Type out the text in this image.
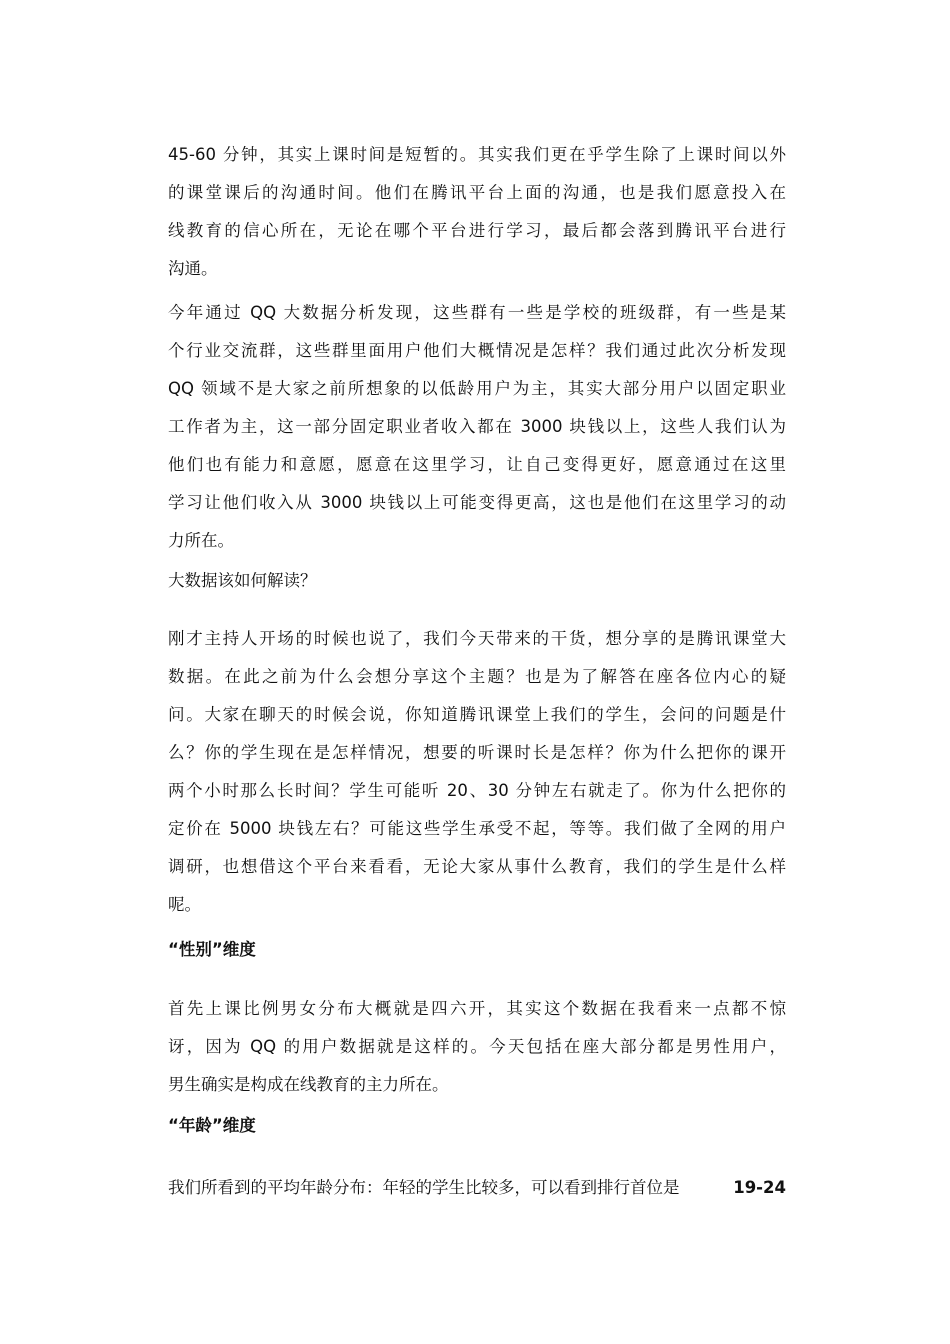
45-60 分钟，其实上课时间是短暂的。其实我们更在乎学生除了上课时间以外
的课堂课后的沟通时间。他们在腾讯平台上面的沟通，也是我们愿意投入在
线教育的信心所在，无论在哪个平台进行学习，最后都会落到腾讯平台进行
沟通。
今年通过 QQ 大数据分析发现，这些群有一些是学校的班级群，有一些是某
个行业交流群，这些群里面用户他们大概情况是怎样？我们通过此次分析发现
QQ 领域不是大家之前所想象的以低龄用户为主，其实大部分用户以固定职业
工作者为主，这一部分固定职业者收入都在 3000 块钱以上，这些人我们认为
他们也有能力和意愿，愿意在这里学习，让自己变得更好，愿意通过在这里
学习让他们收入从 3000 块钱以上可能变得更高，这也是他们在这里学习的动
力所在。
大数据该如何解读？
刚才主持人开场的时候也说了，我们今天带来的干货，想分享的是腾讯课堂大
数据。在此之前为什么会想分享这个主题？也是为了解答在座各位内心的疑
问。大家在聊天的时候会说，你知道腾讯课堂上我们的学生，会问的问题是什
么？你的学生现在是怎样情况，想要的听课时长是怎样？你为什么把你的课开
两个小时那么长时间？学生可能听 20、30 分钟左右就走了。你为什么把你的
定价在 5000 块钱左右？可能这些学生承受不起，等等。我们做了全网的用户
调研，也想借这个平台来看看，无论大家从事什么教育，我们的学生是什么样
呢。
“性别”维度
首先上课比例男女分布大概就是四六开，其实这个数据在我看来一点都不惊
讶，因为 QQ 的用户数据就是这样的。今天包括在座大部分都是男性用户，
男生确实是构成在线教育的主力所在。
“年龄”维度
我们所看到的平均年龄分布：年轻的学生比较多，可以看到排行首位是	19-24
